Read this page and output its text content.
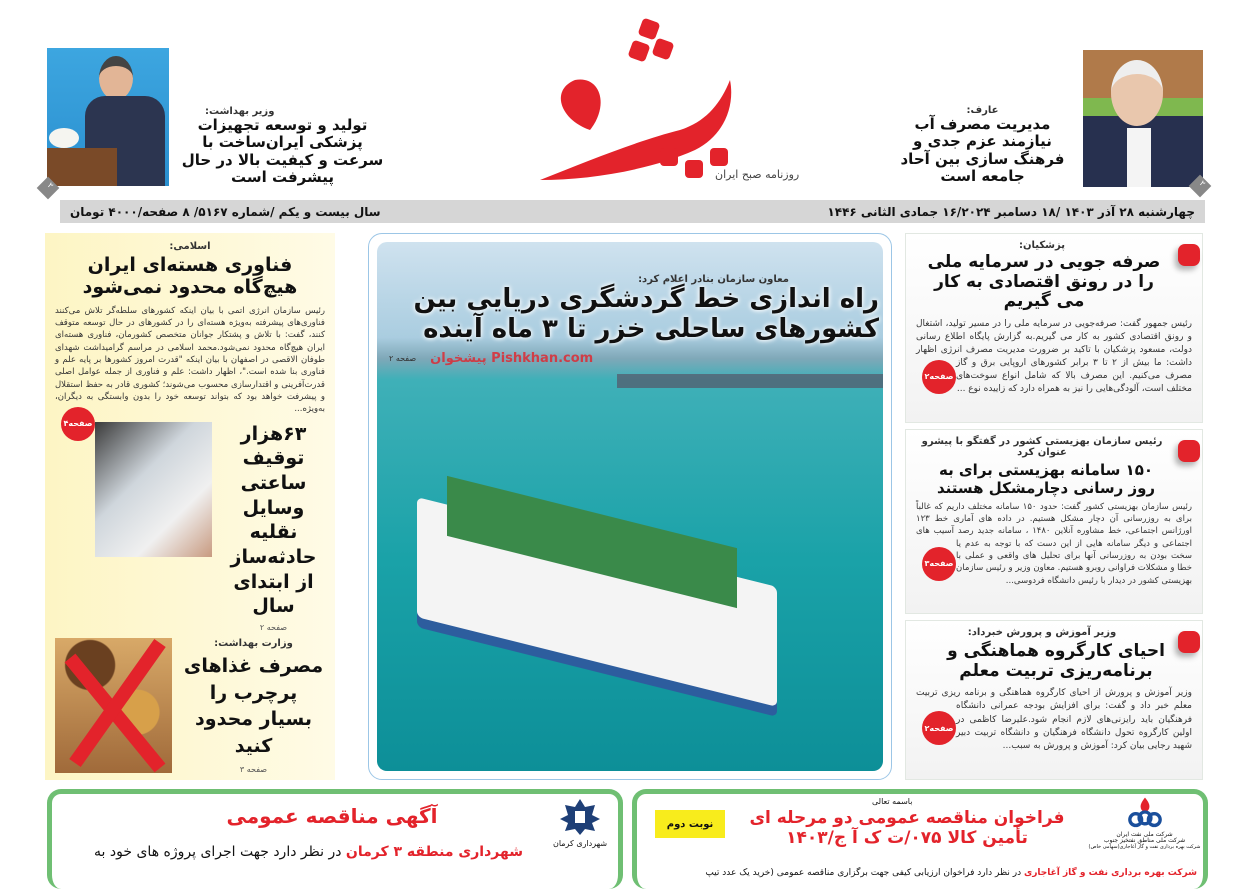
روزنامه صبح ایران
۲
عارف:
مدیریت مصرف آب نیازمند عزم جدی و فرهنگ سازی بین آحاد جامعه است
۲
وزیر بهداشت:
تولید و توسعه تجهیزات پزشکی ایران‌ساخت با سرعت و کیفیت بالا در حال پیشرفت است
چهارشنبه ۲۸ آذر ۱۴۰۳ /۱۸ دسامبر ۱۶/۲۰۲۴ جمادی الثانی ۱۴۴۶
سال بیست و یکم /شماره ۵۱۶۷/ ۸ صفحه/۴۰۰۰ تومان
پزشکیان:
صرفه جویی در سرمایه ملی را در رونق اقتصادی به کار می گیریم
صفحه۲
رئیس جمهور گفت: صرفه‌جویی در سرمایه ملی را در مسیر تولید، اشتغال و رونق اقتصادی کشور به کار می گیریم.به گزارش پایگاه اطلاع رسانی دولت، مسعود پزشکیان با تاکید بر ضرورت مدیریت مصرف انرژی اظهار داشت: ما بیش از ۲ تا ۳ برابر کشورهای اروپایی برق و گاز مصرف می‌کنیم. این مصرف بالا که شامل انواع سوخت‌های مختلف است، آلودگی‌هایی را نیز به همراه دارد که زاییده نوع ...
رئیس سازمان بهزیستی کشور در گفتگو با پیشرو عنوان کرد
۱۵۰ سامانه بهزیستی برای به روز رسانی دچارمشکل هستند
صفحه۳
رئیس سازمان بهزیستی کشور گفت: حدود ۱۵۰ سامانه مختلف داریم که غالباً برای به روزرسانی آن دچار مشکل هستیم. در داده های آماری خط ۱۲۳ اورژانس اجتماعی، خط مشاوره آنلاین ۱۴۸۰ ، سامانه جدید رصد آسیب های اجتماعی و دیگر سامانه هایی از این دست که با توجه به عدم یا سخت بودن به روزرسانی آنها برای تحلیل های واقعی و عملی با خطا و مشکلات فراوانی روبرو هستیم. معاون وزیر و رئیس سازمان بهزیستی کشور در دیدار با رئیس دانشگاه فردوسی...
وزیر آموزش و پرورش خبرداد:
احیای کارگروه هماهنگی و برنامه‌ریزی تربیت معلم
صفحه۲
وزیر آموزش و پرورش از احیای کارگروه هماهنگی و برنامه ریزی تربیت معلم خبر داد و گفت: برای افزایش بودجه عمرانی دانشگاه فرهنگیان باید رایزنی‌های لازم انجام شود.علیرضا کاظمی در اولین کارگروه تحول دانشگاه فرهنگیان و دانشگاه تربیت دبیر شهید رجایی بیان کرد: آموزش و پرورش به سبب...
معاون سازمان بنادر اعلام کرد:
راه اندازی خط گردشگری دریایی بین کشورهای ساحلی خزر تا ۳ ماه آینده
پیشخوان Pishkhan.com
صفحه ۲
اسلامی:
فناوری هسته‌ای ایران هیچ‌گاه محدود نمی‌شود
صفحه۴
رئیس سازمان انرژی اتمی با بیان اینکه کشورهای سلطه‌گر تلاش می‌کنند فناوری‌های پیشرفته به‌ویژه هسته‌ای را در کشورهای در حال توسعه متوقف کنند، گفت: با تلاش و پشتکار جوانان متخصص کشورمان، فناوری هسته‌ای ایران هیچ‌گاه محدود نمی‌شود.محمد اسلامی در مراسم گرامیداشت شهدای طوفان الاقصی در اصفهان با بیان اینکه "قدرت امروز کشورها بر پایه علم و فناوری بنا شده است."، اظهار داشت: علم و فناوری از جمله عوامل اصلی قدرت‌آفرینی و اقتدارسازی محسوب می‌شوند؛ کشوری قادر به حفظ استقلال و پیشرفت خواهد بود که بتواند توسعه خود را بدون وابستگی به دیگران، به‌ویژه...
۶۳هزار توقیف ساعتی وسایل نقلیه حادثه‌ساز از ابتدای سال
صفحه ۲
وزارت بهداشت:
مصرف غذاهای پرچرب را بسیار محدود کنید
صفحه ۳
شرکت ملی نفت ایران
شرکت ملی مناطق نفتخیز جنوب
شرکت بهره برداری نفت و گاز آغاجاری(سهامی خاص)
باسمه تعالی
نوبت دوم	فراخوان مناقصه عمومی دو مرحله ای
تأمین کالا ۰۷۵/ت ک آ ج/۱۴۰۳
شرکت بهره برداری نفت و گاز آغاجاری در نظر دارد فراخوان ارزیابی کیفی جهت برگزاری مناقصه عمومی (خرید یک عدد تیپ
شهرداری کرمان
آگهی مناقصه عمومی
شهرداری منطقه ۳ کرمان در نظر دارد جهت اجرای پروژه های خود به
